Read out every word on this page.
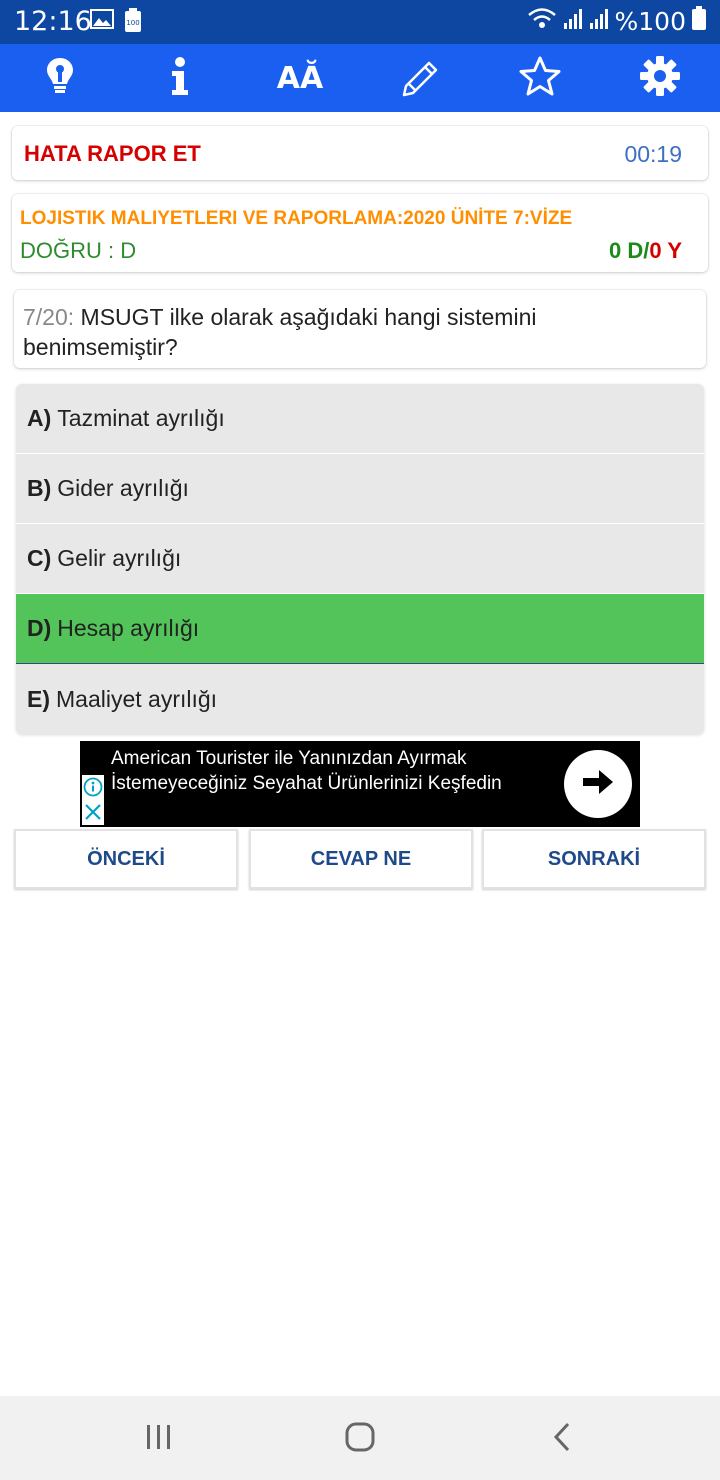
12:16	100	%100
AĂ
HATA RAPOR ET	00:19
LOJISTIK MALIYETLERI VE RAPORLAMA:2020 ÜNİTE 7:VİZE
DOĞRU : D	0 D/0 Y
7/20: MSUGT ilke olarak aşağıdaki hangi sistemini benimsemiştir?
A) Tazminat ayrılığı
B) Gider ayrılığı
C) Gelir ayrılığı
D) Hesap ayrılığı
E) Maaliyet ayrılığı
American Tourister ile Yanınızdan Ayırmak İstemeyeceğiniz Seyahat Ürünlerinizi Keşfedin
ÖNCEKİ	CEVAP NE	SONRAKİ
